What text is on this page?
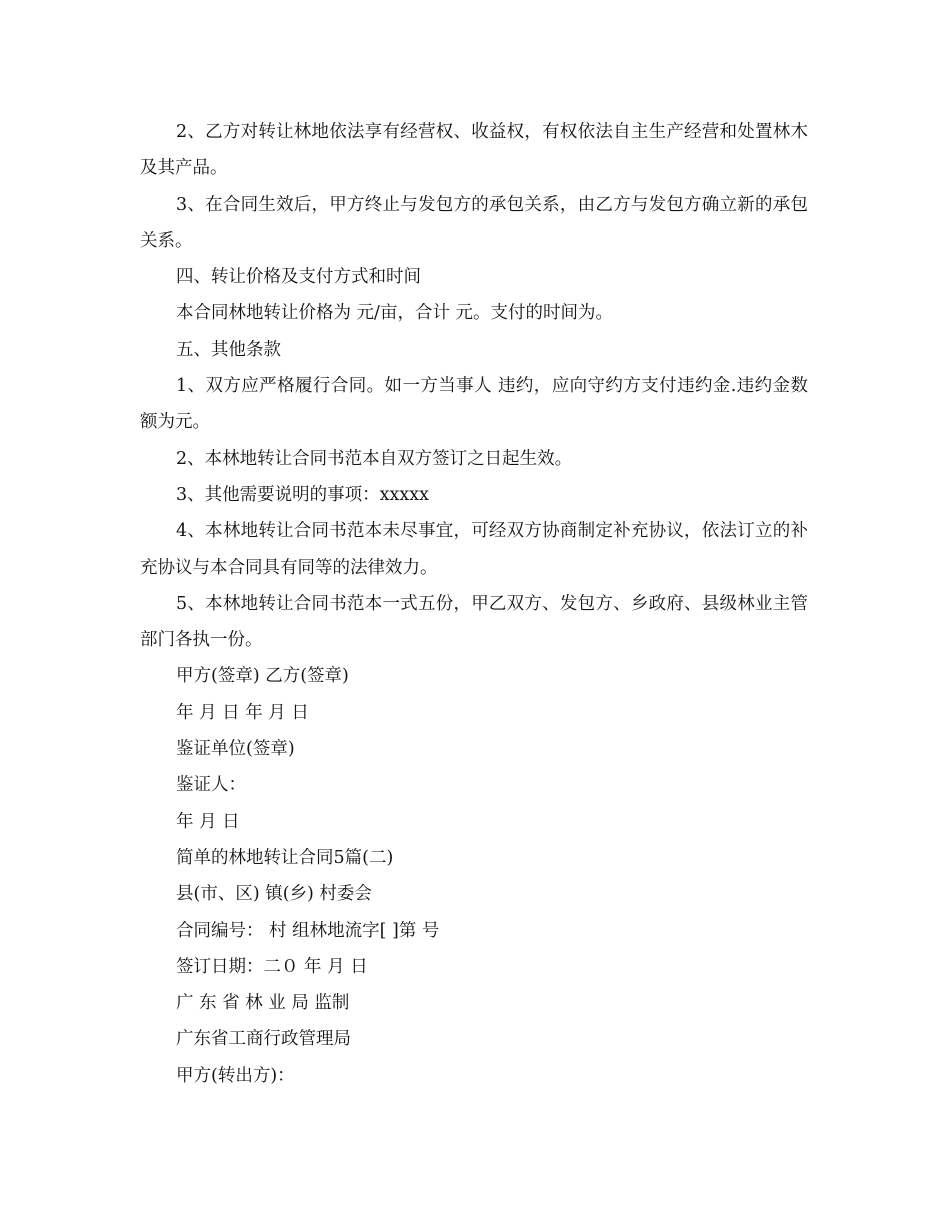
2、乙方对转让林地依法享有经营权、收益权，有权依法自主生产经营和处置林木及其产品。

3、在合同生效后，甲方终止与发包方的承包关系，由乙方与发包方确立新的承包关系。

四、转让价格及支付方式和时间

本合同林地转让价格为 元/亩，合计 元。支付的时间为。

五、其他条款

1、双方应严格履行合同。如一方当事人 违约，应向守约方支付违约金.违约金数额为元。

2、本林地转让合同书范本自双方签订之日起生效。

3、其他需要说明的事项：xxxxx

4、本林地转让合同书范本未尽事宜，可经双方协商制定补充协议，依法订立的补充协议与本合同具有同等的法律效力。

5、本林地转让合同书范本一式五份，甲乙双方、发包方、乡政府、县级林业主管部门各执一份。

甲方(签章) 乙方(签章)

年 月 日 年 月 日

鉴证单位(签章)

鉴证人：

年 月 日

简单的林地转让合同5篇(二)

县(市、区) 镇(乡) 村委会

合同编号： 村 组林地流字[ ]第 号

签订日期：二０ 年 月 日

广 东 省 林 业 局 监制

广东省工商行政管理局

甲方(转出方)：
